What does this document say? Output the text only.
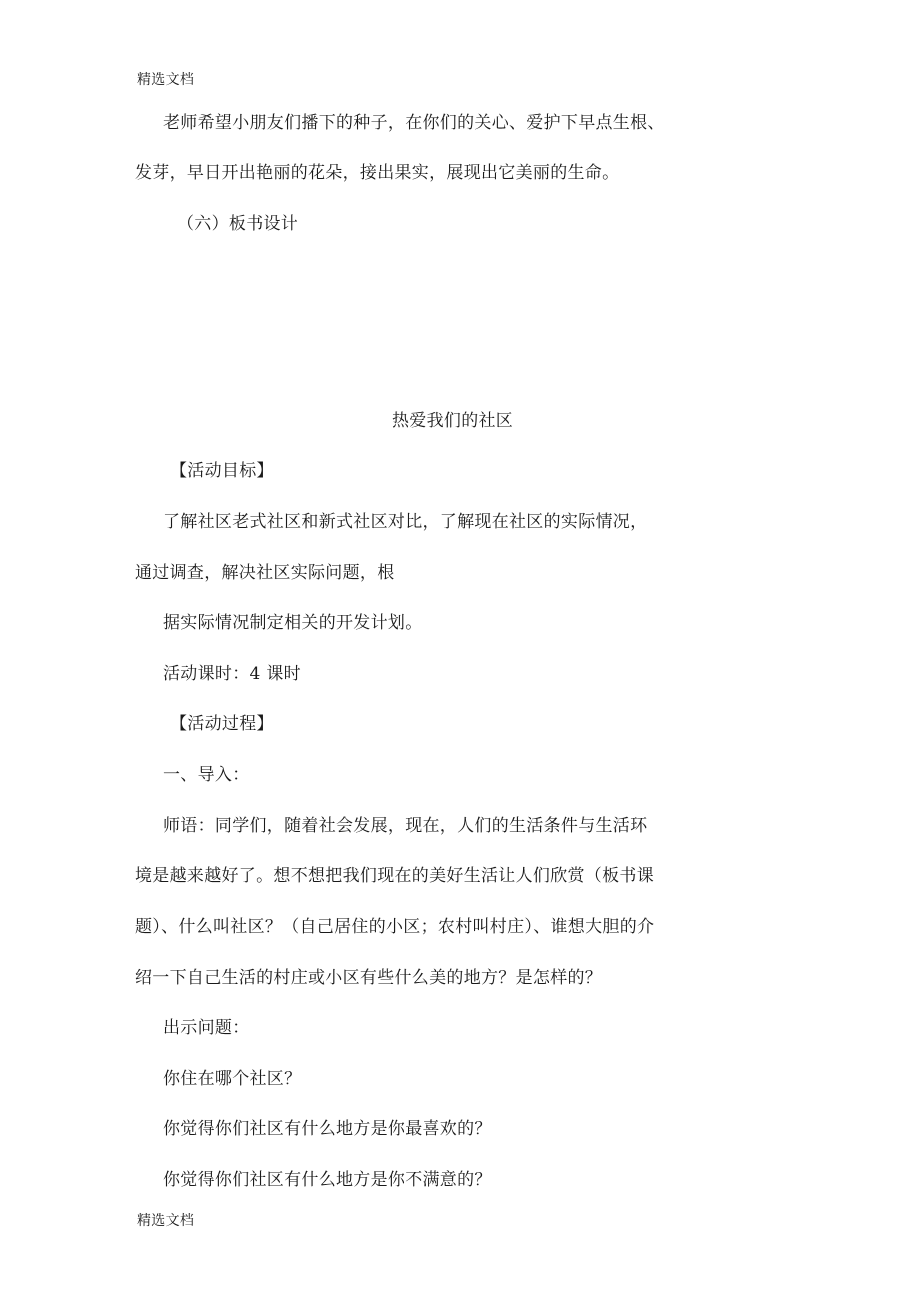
精选文档
老师希望小朋友们播下的种子，在你们的关心、爱护下早点生根、
发芽，早日开出艳丽的花朵，接出果实，展现出它美丽的生命。
（六）板书设计
热爱我们的社区
【活动目标】
了解社区老式社区和新式社区对比，了解现在社区的实际情况，
通过调查，解决社区实际问题，根
据实际情况制定相关的开发计划。
活动课时：4 课时
【活动过程】
一、导入：
师语：同学们，随着社会发展，现在，人们的生活条件与生活环
境是越来越好了。想不想把我们现在的美好生活让人们欣赏（板书课
题）、什么叫社区？（自己居住的小区；农村叫村庄）、谁想大胆的介
绍一下自己生活的村庄或小区有些什么美的地方？是怎样的？
出示问题：
你住在哪个社区？
你觉得你们社区有什么地方是你最喜欢的？
你觉得你们社区有什么地方是你不满意的？
精选文档
